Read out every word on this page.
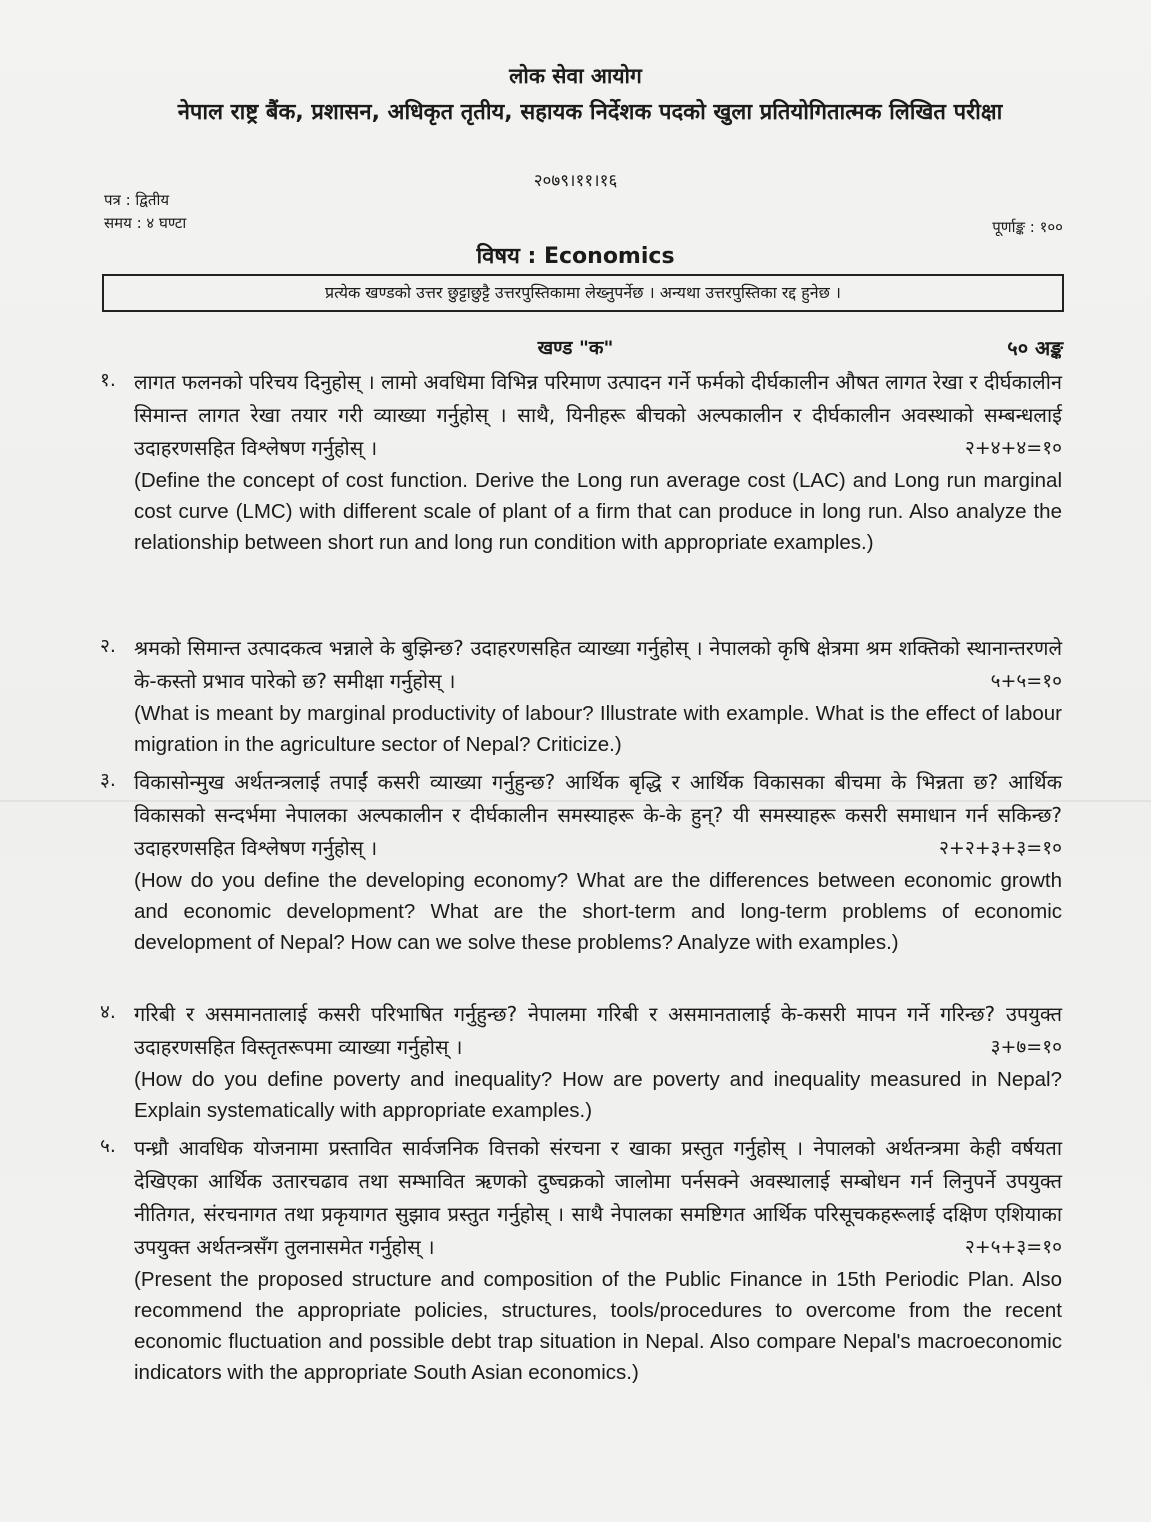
लोक सेवा आयोग
नेपाल राष्ट्र बैंक, प्रशासन, अधिकृत तृतीय, सहायक निर्देशक पदको खुला प्रतियोगितात्मक लिखित परीक्षा
२०७९।११।१६
पत्र : द्वितीय
समय : ४ घण्टा	पूर्णाङ्क : १००
विषय : Economics
प्रत्येक खण्डको उत्तर छुट्टाछुट्टै उत्तरपुस्तिकामा लेख्नुपर्नेछ । अन्यथा उत्तरपुस्तिका रद्द हुनेछ ।
खण्ड "क"	५० अङ्क
१. लागत फलनको परिचय दिनुहोस् । लामो अवधिमा विभिन्न परिमाण उत्पादन गर्ने फर्मको दीर्घकालीन औषत लागत रेखा र दीर्घकालीन सिमान्त लागत रेखा तयार गरी व्याख्या गर्नुहोस् । साथै, यिनीहरू बीचको अल्पकालीन र दीर्घकालीन अवस्थाको सम्बन्धलाई उदाहरणसहित विश्लेषण गर्नुहोस् ।	२+४+४=१०
(Define the concept of cost function. Derive the Long run average cost (LAC) and Long run marginal cost curve (LMC) with different scale of plant of a firm that can produce in long run. Also analyze the relationship between short run and long run condition with appropriate examples.)
२. श्रमको सिमान्त उत्पादकत्व भन्नाले के बुझिन्छ? उदाहरणसहित व्याख्या गर्नुहोस् । नेपालको कृषि क्षेत्रमा श्रम शक्तिको स्थानान्तरणले के-कस्तो प्रभाव पारेको छ? समीक्षा गर्नुहोस् ।	५+५=१०
(What is meant by marginal productivity of labour? Illustrate with example. What is the effect of labour migration in the agriculture sector of Nepal? Criticize.)
३. विकासोन्मुख अर्थतन्त्रलाई तपाईं कसरी व्याख्या गर्नुहुन्छ? आर्थिक बृद्धि र आर्थिक विकासका बीचमा के भिन्नता छ? आर्थिक विकासको सन्दर्भमा नेपालका अल्पकालीन र दीर्घकालीन समस्याहरू के-के हुन्? यी समस्याहरू कसरी समाधान गर्न सकिन्छ? उदाहरणसहित विश्लेषण गर्नुहोस् ।	२+२+३+३=१०
(How do you define the developing economy? What are the differences between economic growth and economic development? What are the short-term and long-term problems of economic development of Nepal? How can we solve these problems? Analyze with examples.)
४. गरिबी र असमानतालाई कसरी परिभाषित गर्नुहुन्छ? नेपालमा गरिबी र असमानतालाई के-कसरी मापन गर्ने गरिन्छ? उपयुक्त उदाहरणसहित विस्तृतरूपमा व्याख्या गर्नुहोस् ।	३+७=१०
(How do you define poverty and inequality? How are poverty and inequality measured in Nepal? Explain systematically with appropriate examples.)
५. पन्ध्रौ आवधिक योजनामा प्रस्तावित सार्वजनिक वित्तको संरचना र खाका प्रस्तुत गर्नुहोस् । नेपालको अर्थतन्त्रमा केही वर्षयता देखिएका आर्थिक उतारचढाव तथा सम्भावित ऋणको दुष्चक्रको जालोमा पर्नसक्ने अवस्थालाई सम्बोधन गर्न लिनुपर्ने उपयुक्त नीतिगत, संरचनागत तथा प्रकृयागत सुझाव प्रस्तुत गर्नुहोस् । साथै नेपालका समष्टिगत आर्थिक परिसूचकहरूलाई दक्षिण एशियाका उपयुक्त अर्थतन्त्रसँग तुलनासमेत गर्नुहोस् ।	२+५+३=१०
(Present the proposed structure and composition of the Public Finance in 15th Periodic Plan. Also recommend the appropriate policies, structures, tools/procedures to overcome from the recent economic fluctuation and possible debt trap situation in Nepal. Also compare Nepal's macroeconomic indicators with the appropriate South Asian economics.)
